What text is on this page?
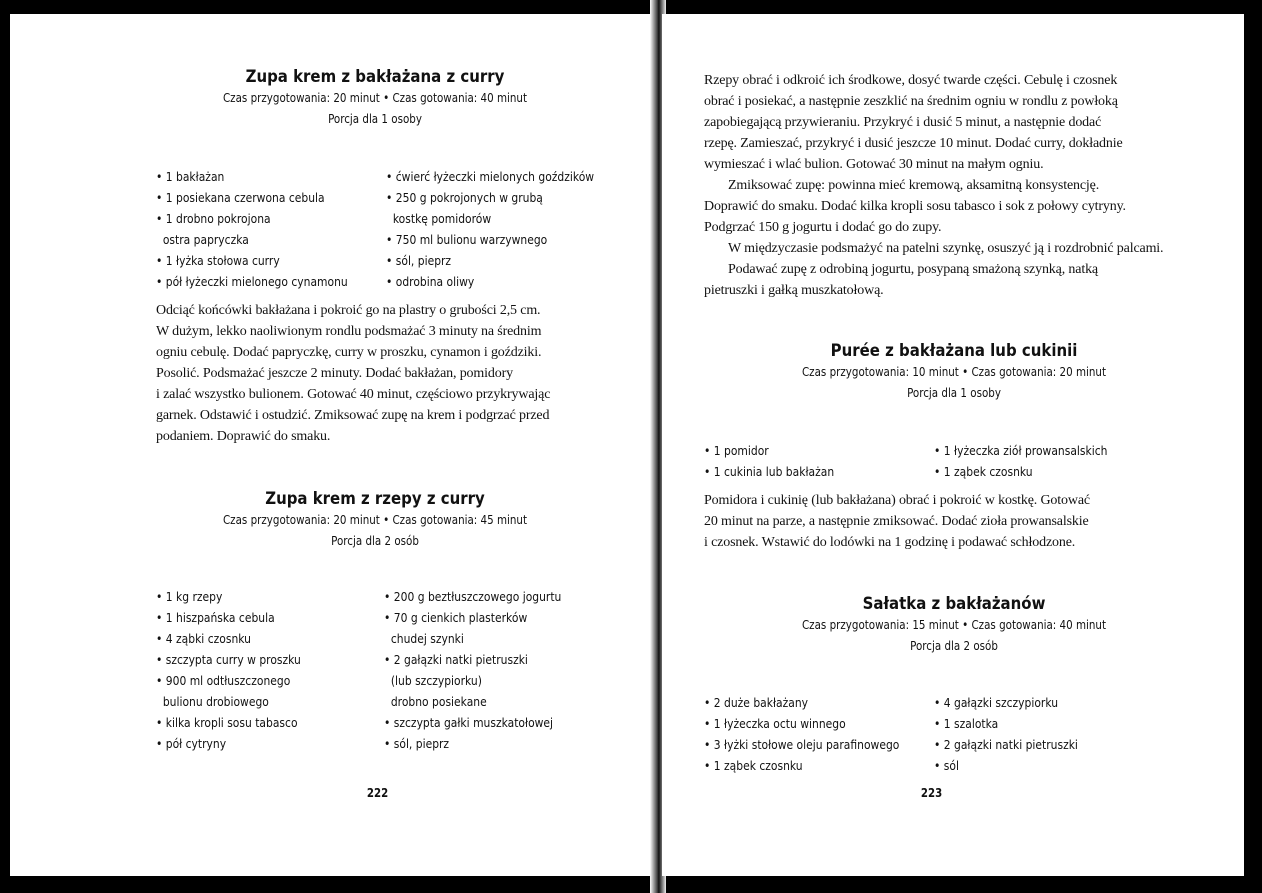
Zupa krem z bakłażana z curry
Czas przygotowania: 20 minut • Czas gotowania: 40 minut
Porcja dla 1 osoby
• 1 bakłażan
• 1 posiekana czerwona cebula
• 1 drobno pokrojona
ostra papryczka
• 1 łyżka stołowa curry
• pół łyżeczki mielonego cynamonu
• ćwierć łyżeczki mielonych goździków
• 250 g pokrojonych w grubą
kostkę pomidorów
• 750 ml bulionu warzywnego
• sól, pieprz
• odrobina oliwy
Odciąć końcówki bakłażana i pokroić go na plastry o grubości 2,5 cm.
W dużym, lekko naoliwionym rondlu podsmażać 3 minuty na średnim
ogniu cebulę. Dodać papryczkę, curry w proszku, cynamon i goździki.
Posolić. Podsmażać jeszcze 2 minuty. Dodać bakłażan, pomidory
i zalać wszystko bulionem. Gotować 40 minut, częściowo przykrywając
garnek. Odstawić i ostudzić. Zmiksować zupę na krem i podgrzać przed
podaniem. Doprawić do smaku.
Zupa krem z rzepy z curry
Czas przygotowania: 20 minut • Czas gotowania: 45 minut
Porcja dla 2 osób
• 1 kg rzepy
• 1 hiszpańska cebula
• 4 ząbki czosnku
• szczypta curry w proszku
• 900 ml odtłuszczonego
bulionu drobiowego
• kilka kropli sosu tabasco
• pół cytryny
• 200 g beztłuszczowego jogurtu
• 70 g cienkich plasterków
chudej szynki
• 2 gałązki natki pietruszki
(lub szczypiorku)
drobno posiekane
• szczypta gałki muszkatołowej
• sól, pieprz
222
Rzepy obrać i odkroić ich środkowe, dosyć twarde części. Cebulę i czosnek
obrać i posiekać, a następnie zeszklić na średnim ogniu w rondlu z powłoką
zapobiegającą przywieraniu. Przykryć i dusić 5 minut, a następnie dodać
rzepę. Zamieszać, przykryć i dusić jeszcze 10 minut. Dodać curry, dokładnie
wymieszać i wlać bulion. Gotować 30 minut na małym ogniu.
Zmiksować zupę: powinna mieć kremową, aksamitną konsystencję.
Doprawić do smaku. Dodać kilka kropli sosu tabasco i sok z połowy cytryny.
Podgrzać 150 g jogurtu i dodać go do zupy.
W międzyczasie podsmażyć na patelni szynkę, osuszyć ją i rozdrobnić palcami.
Podawać zupę z odrobiną jogurtu, posypaną smażoną szynką, natką
pietruszki i gałką muszkatołową.
Purée z bakłażana lub cukinii
Czas przygotowania: 10 minut • Czas gotowania: 20 minut
Porcja dla 1 osoby
• 1 pomidor
• 1 cukinia lub bakłażan
• 1 łyżeczka ziół prowansalskich
• 1 ząbek czosnku
Pomidora i cukinię (lub bakłażana) obrać i pokroić w kostkę. Gotować
20 minut na parze, a następnie zmiksować. Dodać zioła prowansalskie
i czosnek. Wstawić do lodówki na 1 godzinę i podawać schłodzone.
Sałatka z bakłażanów
Czas przygotowania: 15 minut • Czas gotowania: 40 minut
Porcja dla 2 osób
• 2 duże bakłażany
• 1 łyżeczka octu winnego
• 3 łyżki stołowe oleju parafinowego
• 1 ząbek czosnku
• 4 gałązki szczypiorku
• 1 szalotka
• 2 gałązki natki pietruszki
• sól
223
